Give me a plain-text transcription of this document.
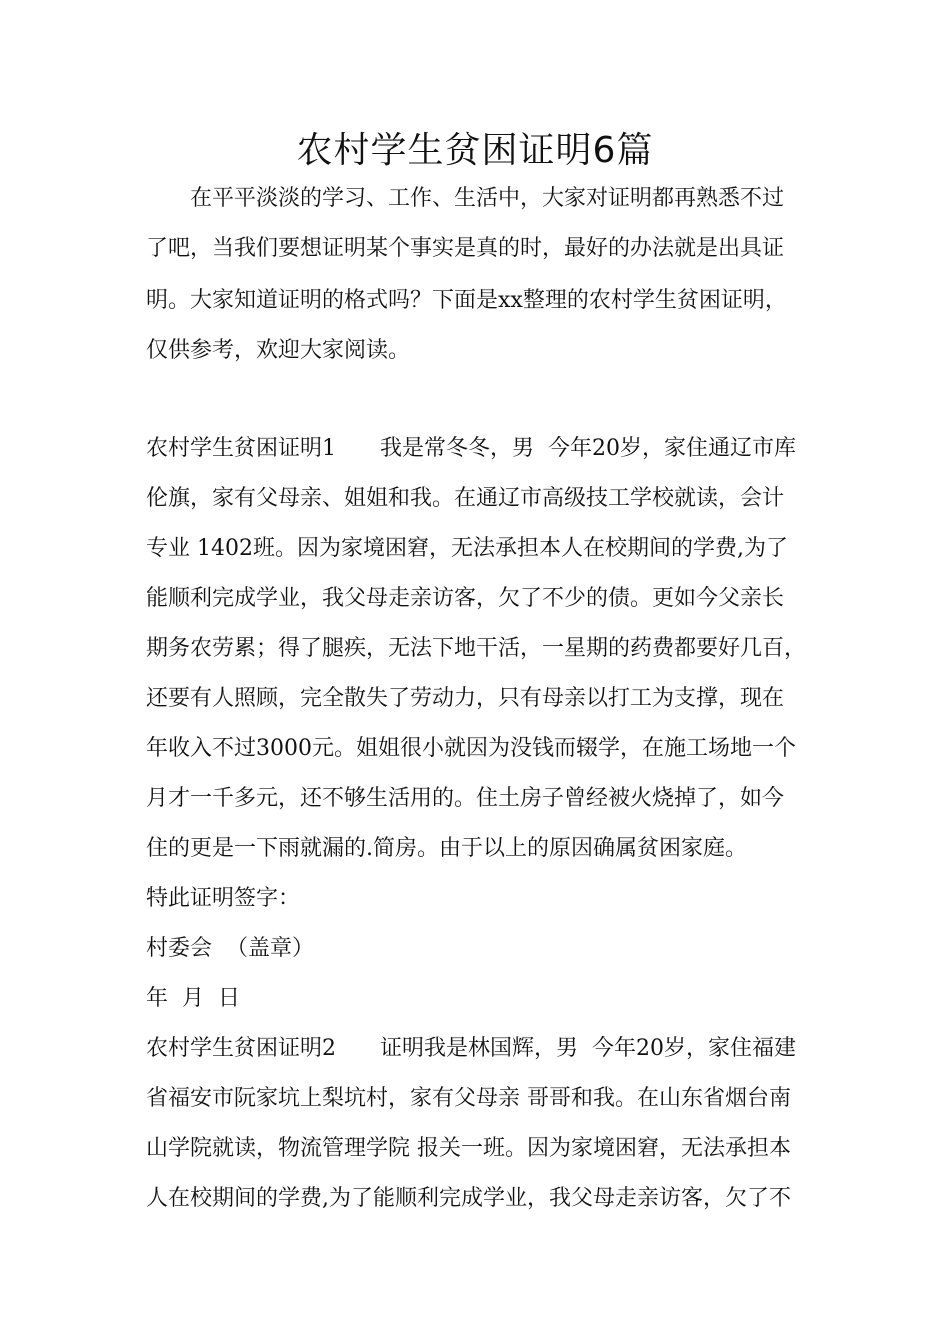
农村学生贫困证明6篇
在平平淡淡的学习、工作、生活中，大家对证明都再熟悉不过
了吧，当我们要想证明某个事实是真的时，最好的办法就是出具证
明。大家知道证明的格式吗？下面是xx整理的农村学生贫困证明，
仅供参考，欢迎大家阅读。
农村学生贫困证明1　　我是常冬冬，男  今年20岁，家住通辽市库
伦旗，家有父母亲、姐姐和我。在通辽市高级技工学校就读，会计
专业 1402班。因为家境困窘，无法承担本人在校期间的学费,为了
能顺利完成学业，我父母走亲访客，欠了不少的债。更如今父亲长
期务农劳累；得了腿疾，无法下地干活，一星期的药费都要好几百，
还要有人照顾，完全散失了劳动力，只有母亲以打工为支撑，现在
年收入不过3000元。姐姐很小就因为没钱而辍学，在施工场地一个
月才一千多元，还不够生活用的。住土房子曾经被火烧掉了，如今
住的更是一下雨就漏的.简房。由于以上的原因确属贫困家庭。
特此证明签字：
村委会  （盖章）
年  月  日
农村学生贫困证明2　　证明我是林国辉，男  今年20岁，家住福建
省福安市阮家坑上梨坑村，家有父母亲 哥哥和我。在山东省烟台南
山学院就读，物流管理学院 报关一班。因为家境困窘，无法承担本
人在校期间的学费,为了能顺利完成学业，我父母走亲访客，欠了不
